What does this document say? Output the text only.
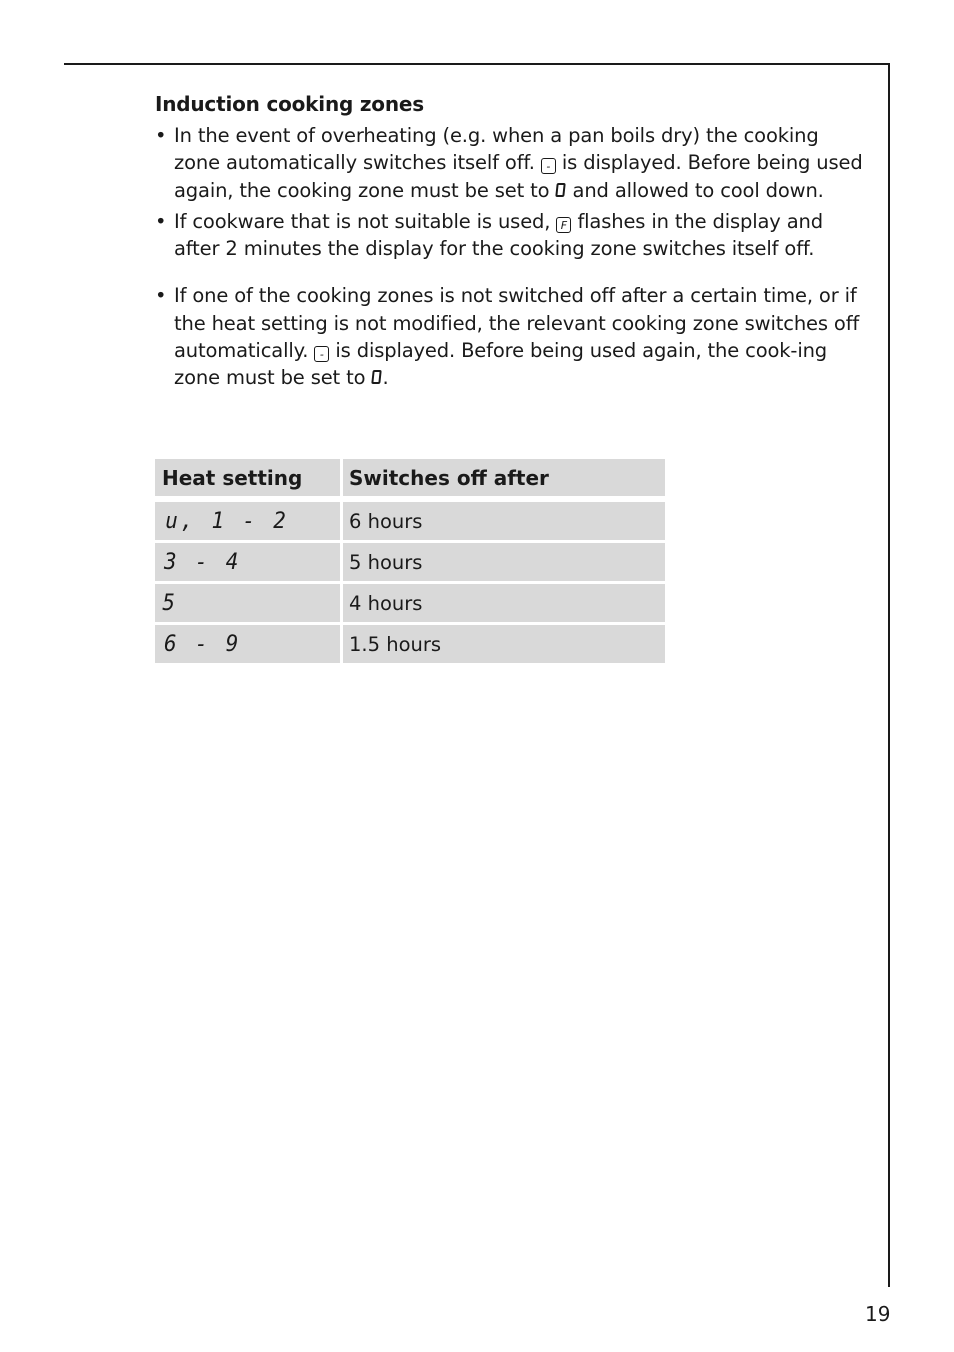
Induction cooking zones
• In the event of overheating (e.g. when a pan boils dry) the cooking zone automatically switches itself off. - is displayed. Before being used again, the cooking zone must be set to and allowed to cool down.
• If cookware that is not suitable is used, F flashes in the display and after 2 minutes the display for the cooking zone switches itself off.
• If one of the cooking zones is not switched off after a certain time, or if the heat setting is not modified, the relevant cooking zone switches off automatically. - is displayed. Before being used again, the cook-ing zone must be set to .
Heat setting	Switches off after
u, 1 - 2	6 hours
3 - 4	5 hours
5	4 hours
6 - 9	1.5 hours
19
